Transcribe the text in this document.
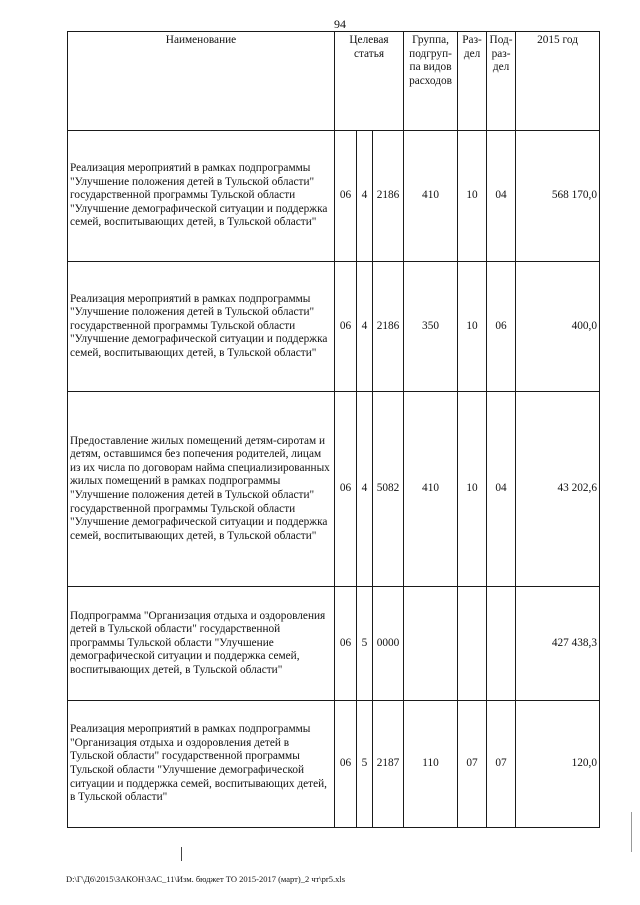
94
Наименование	Целевая статья			Группа, подгруп-па видов расходов	Раз-дел	Под-раз-дел	2015 год
Реализация мероприятий в рамках подпрограммы "Улучшение положения детей в Тульской области" государственной программы Тульской области "Улучшение демографической ситуации и поддержка семей, воспитывающих детей, в Тульской области"	06	4	2186	410	10	04	568 170,0
Реализация мероприятий в рамках подпрограммы "Улучшение положения детей в Тульской области" государственной программы Тульской области "Улучшение демографической ситуации и поддержка семей, воспитывающих детей, в Тульской области"	06	4	2186	350	10	06	400,0
Предоставление жилых помещений детям-сиротам и детям, оставшимся без попечения родителей, лицам из их числа по договорам найма специализированных жилых помещений в рамках подпрограммы "Улучшение положения детей в Тульской области" государственной программы Тульской области "Улучшение демографической ситуации и поддержка семей, воспитывающих детей, в Тульской области"	06	4	5082	410	10	04	43 202,6
Подпрограмма "Организация отдыха и оздоровления детей в Тульской области" государственной программы Тульской области "Улучшение демографической ситуации и поддержка семей, воспитывающих детей, в Тульской области"	06	5	0000				427 438,3
Реализация мероприятий в рамках подпрограммы "Организация отдыха и оздоровления детей в Тульской области" государственной программы Тульской области "Улучшение демографической ситуации и поддержка семей, воспитывающих детей, в Тульской области"	06	5	2187	110	07	07	120,0
D:\Г\Д6\2015\ЗАКОН\ЗАС_11\Изм. бюджет ТО 2015-2017 (март)_2 чт\pr5.xls
